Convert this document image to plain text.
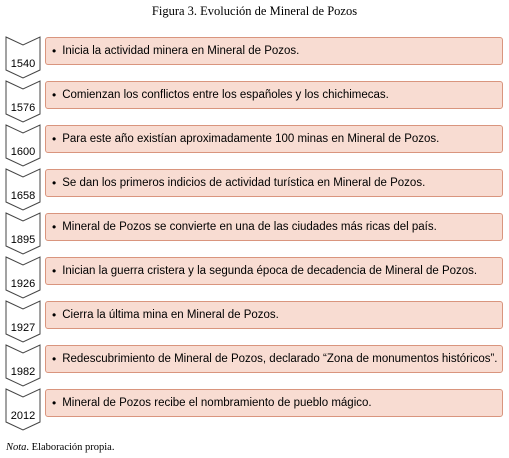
Figura 3. Evolución de Mineral de Pozos
1540
• Inicia la actividad minera en Mineral de Pozos.
1576
• Comienzan los conflictos entre los españoles y los chichimecas.
1600
• Para este año existían aproximadamente 100 minas en Mineral de Pozos.
1658
• Se dan los primeros indicios de actividad turística en Mineral de Pozos.
1895
• Mineral de Pozos se convierte en una de las ciudades más ricas del país.
1926
• Inician la guerra cristera y la segunda época de decadencia de Mineral de Pozos.
1927
• Cierra la última mina en Mineral de Pozos.
1982
• Redescubrimiento de Mineral de Pozos, declarado “Zona de monumentos históricos”.
2012
• Mineral de Pozos recibe el nombramiento de pueblo mágico.
Nota. Elaboración propia.
